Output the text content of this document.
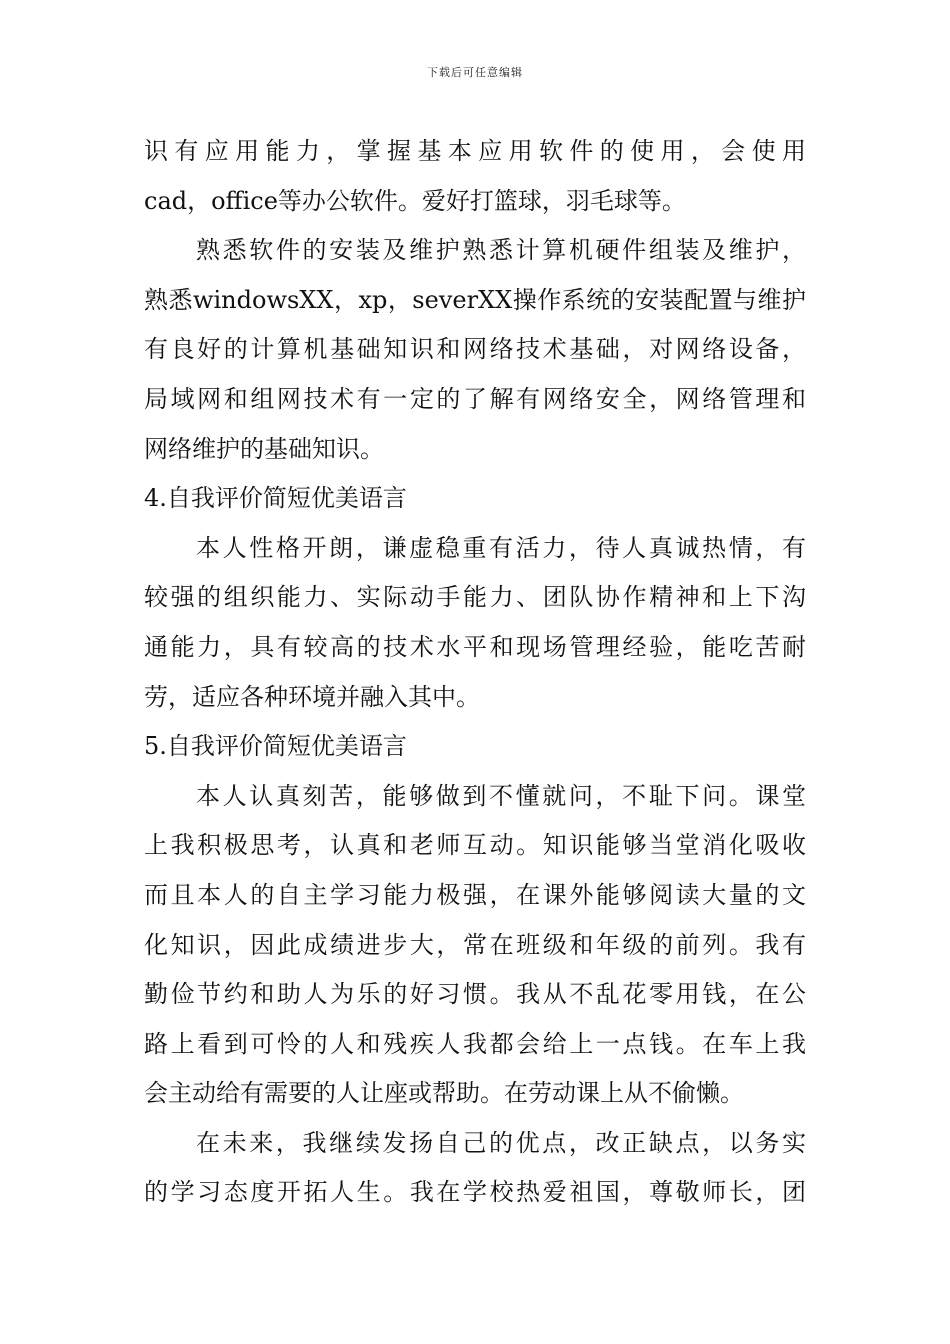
下载后可任意编辑
识有应用能力，掌握基本应用软件的使用，会使用
cad，office等办公软件。爱好打篮球，羽毛球等。
熟悉软件的安装及维护熟悉计算机硬件组装及维护，
熟悉windowsXX，xp，severXX操作系统的安装配置与维护
有良好的计算机基础知识和网络技术基础，对网络设备，
局域网和组网技术有一定的了解有网络安全，网络管理和
网络维护的基础知识。
4.自我评价简短优美语言
本人性格开朗，谦虚稳重有活力，待人真诚热情，有
较强的组织能力、实际动手能力、团队协作精神和上下沟
通能力，具有较高的技术水平和现场管理经验，能吃苦耐
劳，适应各种环境并融入其中。
5.自我评价简短优美语言
本人认真刻苦，能够做到不懂就问，不耻下问。课堂
上我积极思考，认真和老师互动。知识能够当堂消化吸收
而且本人的自主学习能力极强，在课外能够阅读大量的文
化知识，因此成绩进步大，常在班级和年级的前列。我有
勤俭节约和助人为乐的好习惯。我从不乱花零用钱，在公
路上看到可怜的人和残疾人我都会给上一点钱。在车上我
会主动给有需要的人让座或帮助。在劳动课上从不偷懒。
在未来，我继续发扬自己的优点，改正缺点，以务实
的学习态度开拓人生。我在学校热爱祖国，尊敬师长，团
